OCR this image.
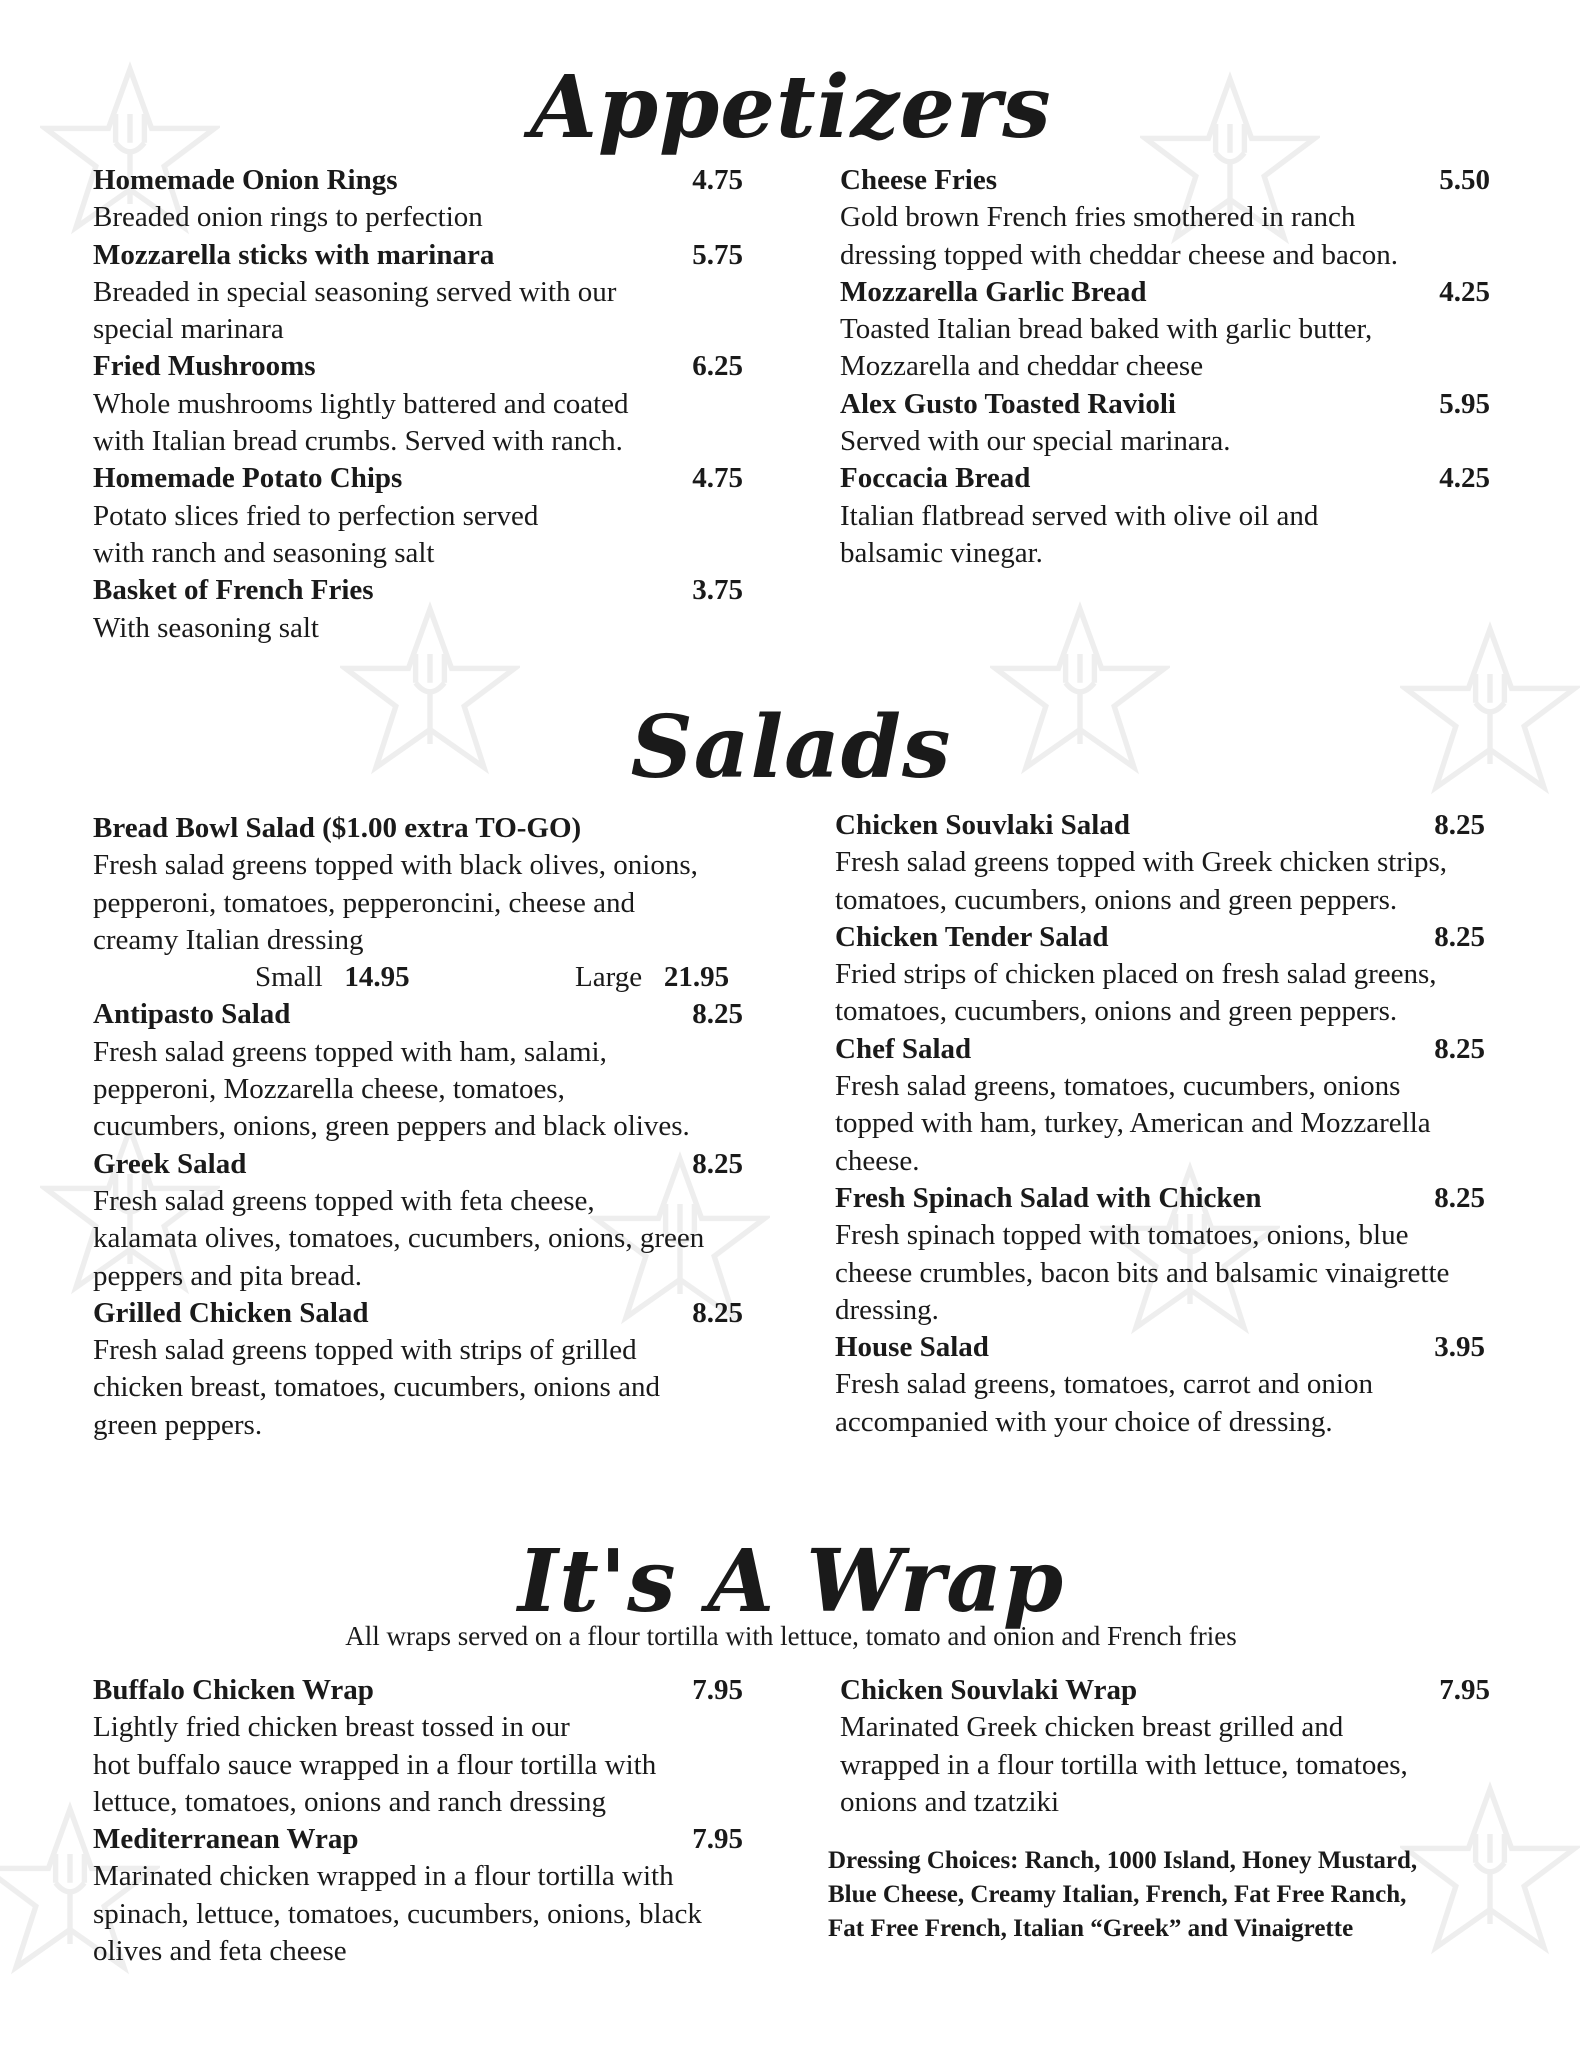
Appetizers
Salads
It's A Wrap
All wraps served on a flour tortilla with lettuce, tomato and onion and French fries
Homemade Onion Rings	4.75
Breaded onion rings to perfection
Mozzarella sticks with marinara	5.75
Breaded in special seasoning served with our
special marinara
Fried Mushrooms	6.25
Whole mushrooms lightly battered and coated
with Italian bread crumbs. Served with ranch.
Homemade Potato Chips	4.75
Potato slices fried to perfection served
with ranch and seasoning salt
Basket of French Fries	3.75
With seasoning salt
Cheese Fries	5.50
Gold brown French fries smothered in ranch
dressing topped with cheddar cheese and bacon.
Mozzarella Garlic Bread	4.25
Toasted Italian bread baked with garlic butter,
Mozzarella and cheddar cheese
Alex Gusto Toasted Ravioli	5.95
Served with our special marinara.
Foccacia Bread	4.25
Italian flatbread served with olive oil and
balsamic vinegar.
Bread Bowl Salad ($1.00 extra TO-GO)
Fresh salad greens topped with black olives, onions,
pepperoni, tomatoes, pepperoncini, cheese and
creamy Italian dressing
Small 14.95	Large 21.95
Antipasto Salad	8.25
Fresh salad greens topped with ham, salami,
pepperoni, Mozzarella cheese, tomatoes,
cucumbers, onions, green peppers and black olives.
Greek Salad	8.25
Fresh salad greens topped with feta cheese,
kalamata olives, tomatoes, cucumbers, onions, green
peppers and pita bread.
Grilled Chicken Salad	8.25
Fresh salad greens topped with strips of grilled
chicken breast, tomatoes, cucumbers, onions and
green peppers.
Chicken Souvlaki Salad	8.25
Fresh salad greens topped with Greek chicken strips,
tomatoes, cucumbers, onions and green peppers.
Chicken Tender Salad	8.25
Fried strips of chicken placed on fresh salad greens,
tomatoes, cucumbers, onions and green peppers.
Chef Salad	8.25
Fresh salad greens, tomatoes, cucumbers, onions
topped with ham, turkey, American and Mozzarella
cheese.
Fresh Spinach Salad with Chicken	8.25
Fresh spinach topped with tomatoes, onions, blue
cheese crumbles, bacon bits and balsamic vinaigrette
dressing.
House Salad	3.95
Fresh salad greens, tomatoes, carrot and onion
accompanied with your choice of dressing.
Buffalo Chicken Wrap	7.95
Lightly fried chicken breast tossed in our
hot buffalo sauce wrapped in a flour tortilla with
lettuce, tomatoes, onions and ranch dressing
Mediterranean Wrap	7.95
Marinated chicken wrapped in a flour tortilla with
spinach, lettuce, tomatoes, cucumbers, onions, black
olives and feta cheese
Chicken Souvlaki Wrap	7.95
Marinated Greek chicken breast grilled and
wrapped in a flour tortilla with lettuce, tomatoes,
onions and tzatziki
Dressing Choices: Ranch, 1000 Island, Honey Mustard,
Blue Cheese, Creamy Italian, French, Fat Free Ranch,
Fat Free French, Italian “Greek” and Vinaigrette
